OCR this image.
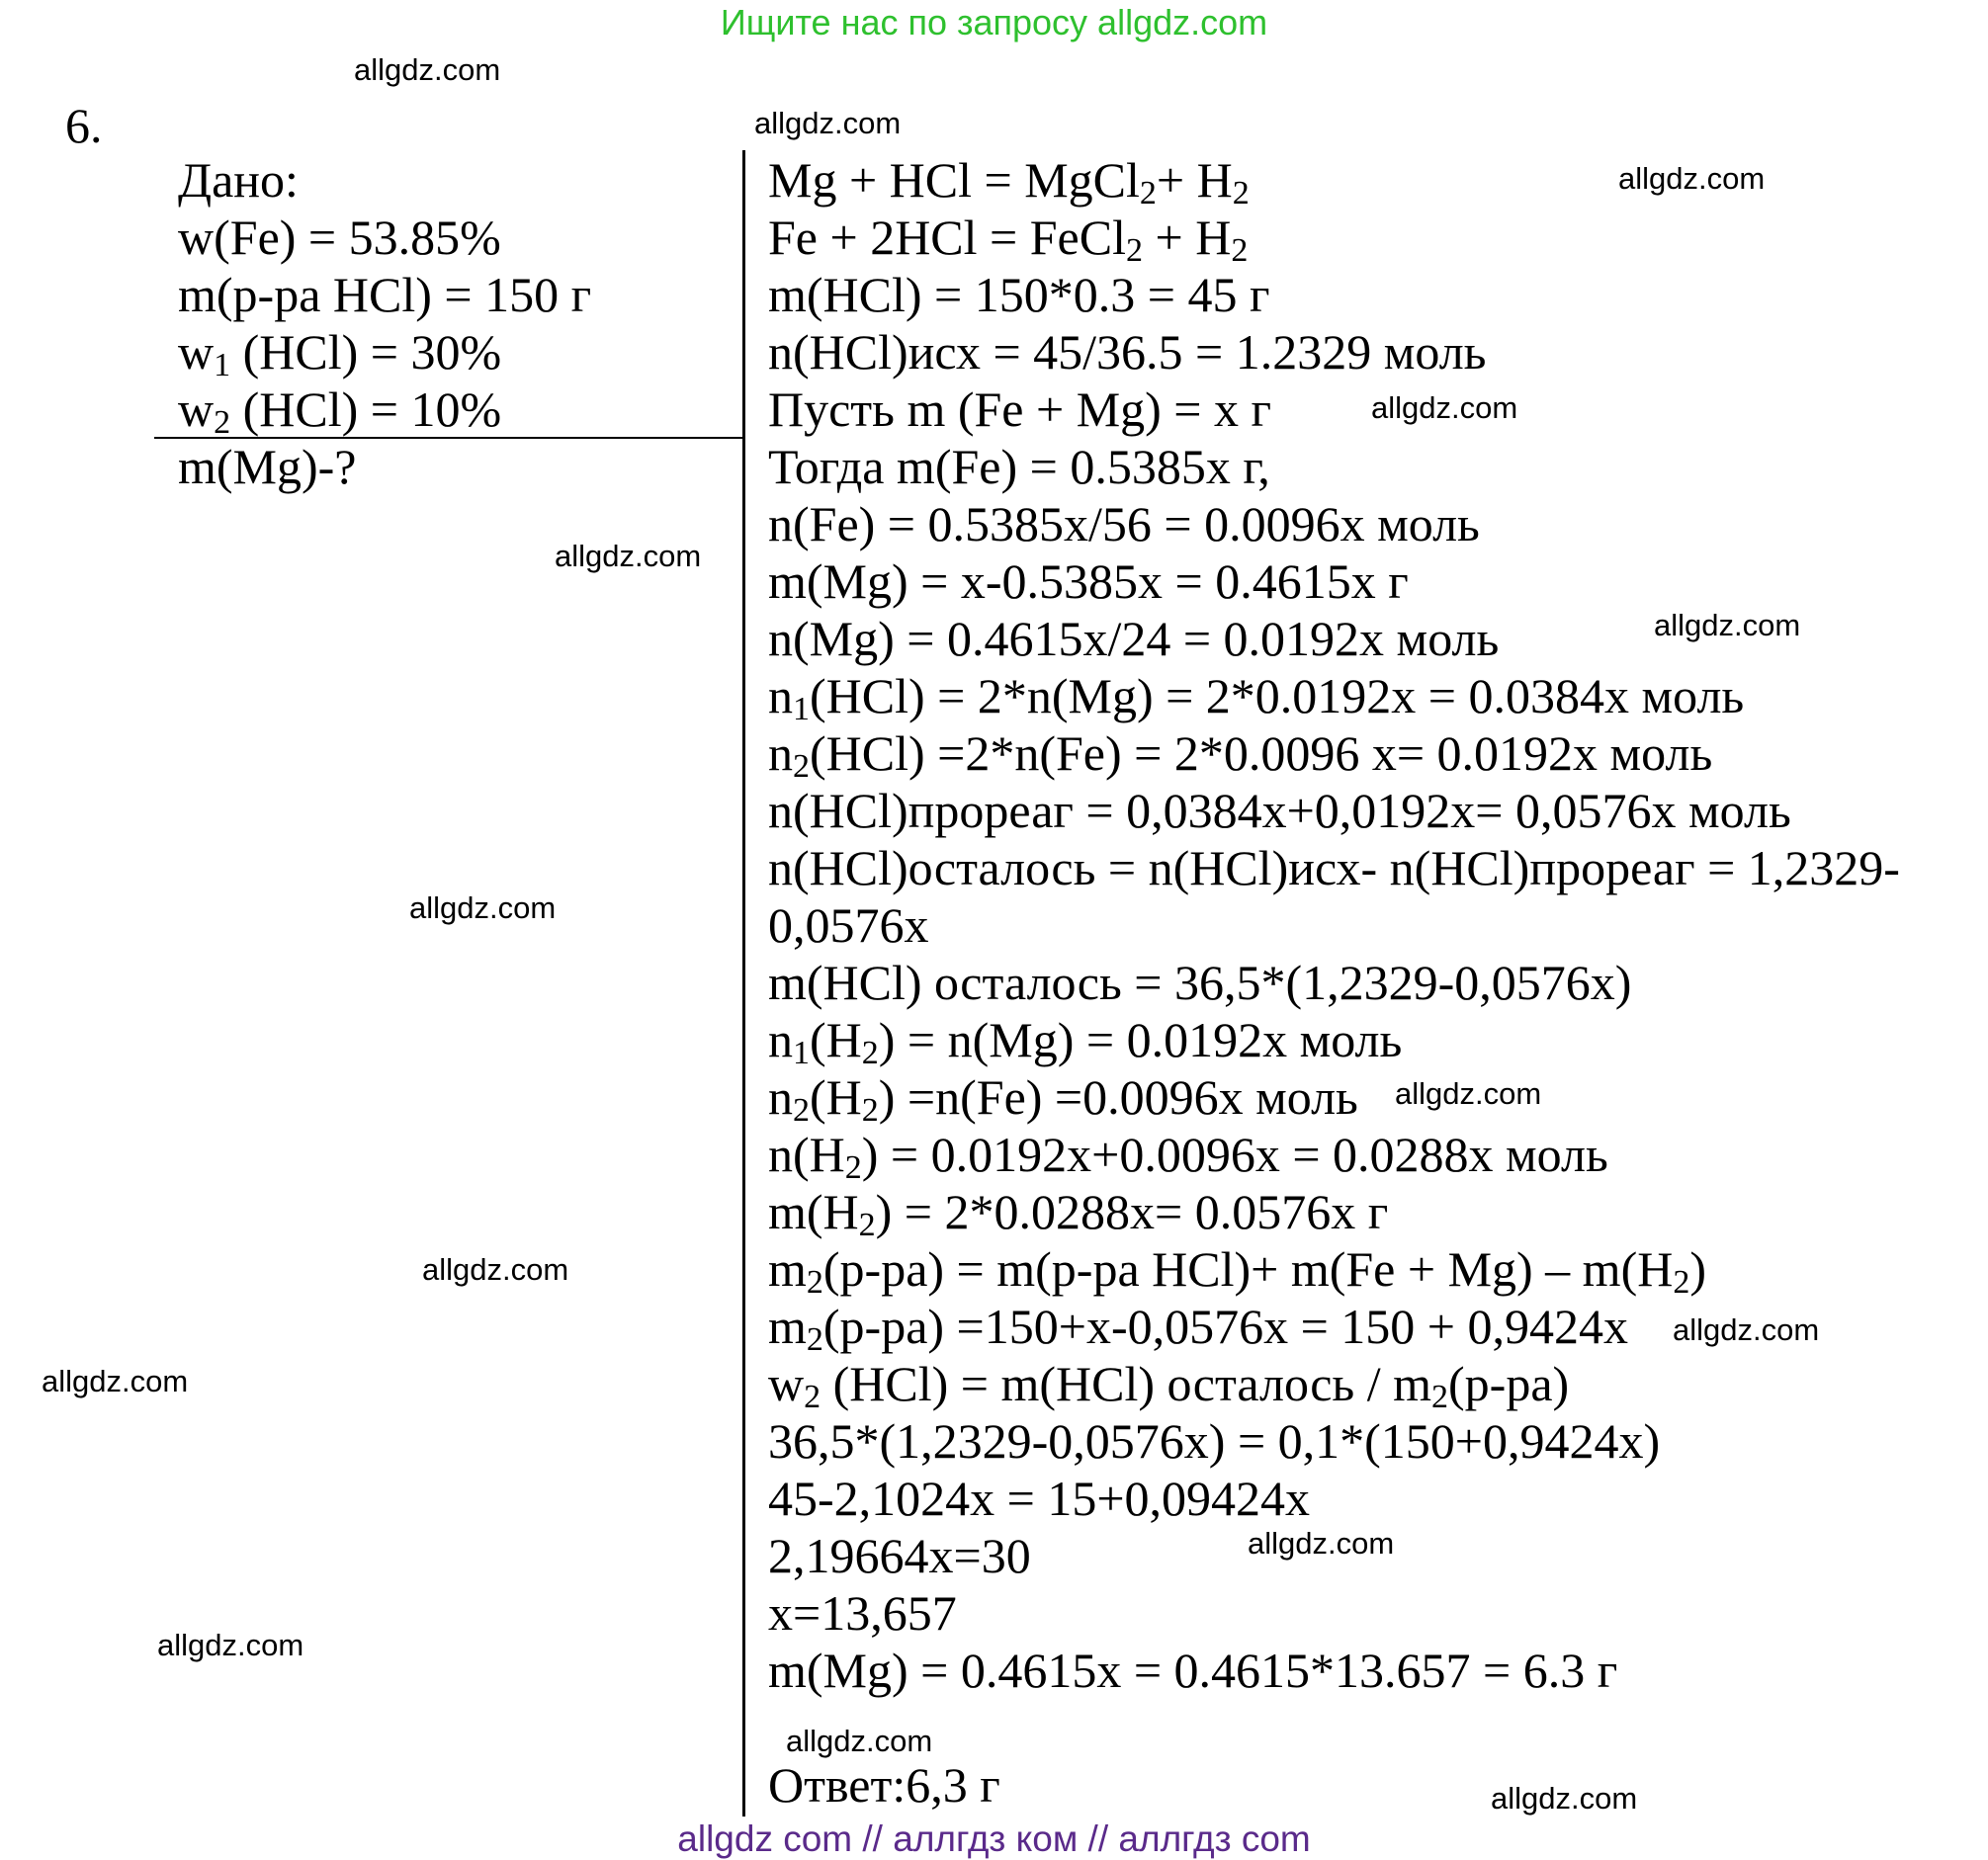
Ищите нас по запросу allgdz.com
6.
Дано:
w(Fe) = 53.85%
m(р-ра HCl) = 150 г
$w_1$ (HCl) = 30%
$w_2$ (HCl) = 10%
m(Mg)-?
Mg + HCl = MgCl$_2$+ $H_2$
Fe + 2HCl = FeCl$_2$ + $H_2$
m(HCl) = 150*0.3 = 45 г
n(HCl)исх = 45/36.5 = 1.2329 моль
Пусть m (Fe + Mg) = x г
Тогда m(Fe) = 0.5385x г,
n(Fe) = 0.5385x/56 = 0.0096x моль
m(Mg) = x-0.5385x = 0.4615x г
n(Mg) = 0.4615x/24 = 0.0192x моль
$n_1(HCl) = 2*n(Mg) = 2*0.0192x = 0.0384x$ моль
$n_2(HCl) =2*n(Fe) = 2*0.0096$ x= 0.0192x моль
n(HCl)прореаг = 0,0384x+0,0192x= 0,0576x моль
n(HCl)осталось = n(HCl)исх- n(HCl)прореаг = 1,2329-
0,0576x
m(HCl) осталось = 36,5*(1,2329-0,0576x)
$n_1(H_2) = n(Mg) = 0.0192x$ моль
$n_2(H_2) =n(Fe) =0.0096x$ моль
$n(H_2) = 0.0192x+0.0096x = 0.0288x$ моль
$m(H_2) = 2*0.0288x= 0.0576x$ г
$m_2(р-ра) = m(р-ра$ $HCl)+ m(Fe + Mg) - m(H_2)$
$m_2(р-ра) =150+x-0,0576x = 150 + 0,9424x$
$w_2$ (HCl) = m(HCl) осталось / $m_2(р-ра)$
36,5*(1,2329-0,0576x) = 0,1*(150+0,9424x)
45-2,1024x = 15+0,09424x
2,19664x=30
x=13,657
m(Mg) = 0.4615x = 0.4615*13.657 = 6.3 г
Ответ:6,3 г
allgdz.com
allgdz.com
allgdz.com
allgdz.com
allgdz.com
allgdz.com
allgdz.com
allgdz.com
allgdz.com
allgdz.com
allgdz.com
allgdz.com
allgdz.com
allgdz.com
allgdz.com
allgdz com // аллгдз ком // аллгдз com
